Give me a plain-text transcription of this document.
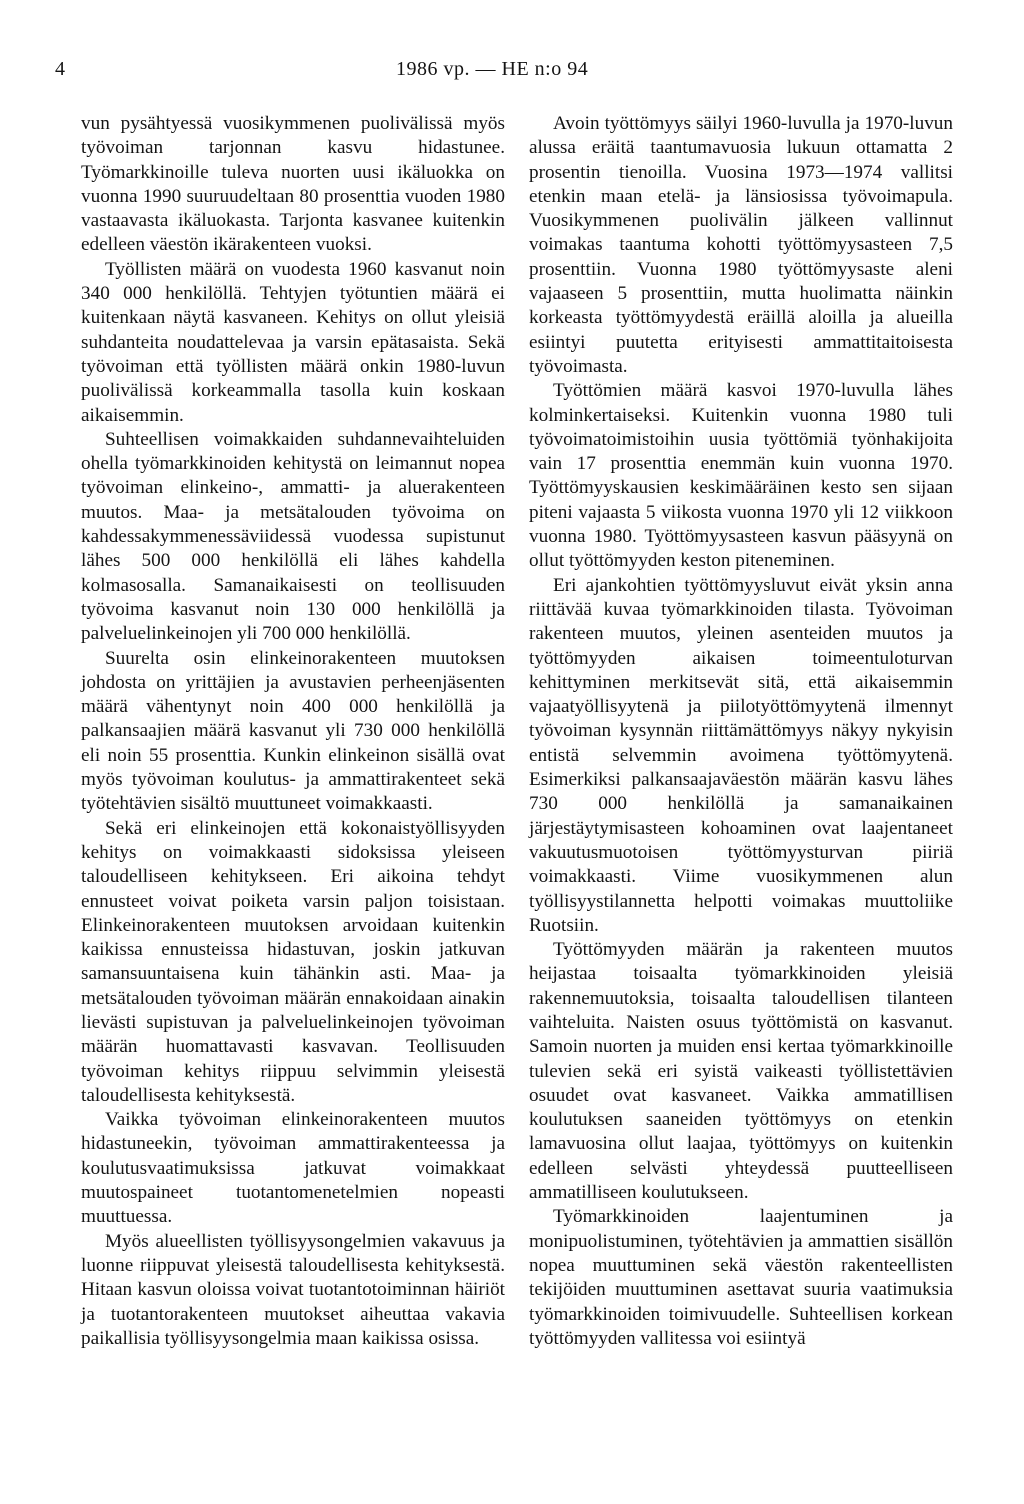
4	1986 vp. — HE n:o 94

vun pysähtyessä vuosikymmenen puolivälissä myös työvoiman tarjonnan kasvu hidastunee. Työmarkkinoille tuleva nuorten uusi ikäluokka on vuonna 1990 suuruudeltaan 80 prosenttia vuoden 1980 vastaavasta ikäluokasta. Tarjonta kasvanee kuitenkin edelleen väestön ikärakenteen vuoksi.

Työllisten määrä on vuodesta 1960 kasvanut noin 340 000 henkilöllä. Tehtyjen työtuntien määrä ei kuitenkaan näytä kasvaneen. Kehitys on ollut yleisiä suhdanteita noudattelevaa ja varsin epätasaista. Sekä työvoiman että työllisten määrä onkin 1980-luvun puolivälissä korkeammalla tasolla kuin koskaan aikaisemmin.

Suhteellisen voimakkaiden suhdannevaihteluiden ohella työmarkkinoiden kehitystä on leimannut nopea työvoiman elinkeino-, ammatti- ja aluerakenteen muutos. Maa- ja metsätalouden työvoima on kahdessakymmenessäviidessä vuodessa supistunut lähes 500 000 henkilöllä eli lähes kahdella kolmasosalla. Samanaikaisesti on teollisuuden työvoima kasvanut noin 130 000 henkilöllä ja palveluelinkeinojen yli 700 000 henkilöllä.

Suurelta osin elinkeinorakenteen muutoksen johdosta on yrittäjien ja avustavien perheenjäsenten määrä vähentynyt noin 400 000 henkilöllä ja palkansaajien määrä kasvanut yli 730 000 henkilöllä eli noin 55 prosenttia. Kunkin elinkeinon sisällä ovat myös työvoiman koulutus- ja ammattirakenteet sekä työtehtävien sisältö muuttuneet voimakkaasti.

Sekä eri elinkeinojen että kokonaistyöllisyyden kehitys on voimakkaasti sidoksissa yleiseen taloudelliseen kehitykseen. Eri aikoina tehdyt ennusteet voivat poiketa varsin paljon toisistaan. Elinkeinorakenteen muutoksen arvoidaan kuitenkin kaikissa ennusteissa hidastuvan, joskin jatkuvan samansuuntaisena kuin tähänkin asti. Maa- ja metsätalouden työvoiman määrän ennakoidaan ainakin lievästi supistuvan ja palveluelinkeinojen työvoiman määrän huomattavasti kasvavan. Teollisuuden työvoiman kehitys riippuu selvimmin yleisestä taloudellisesta kehityksestä.

Vaikka työvoiman elinkeinorakenteen muutos hidastuneekin, työvoiman ammattirakenteessa ja koulutusvaatimuksissa jatkuvat voimakkaat muutospaineet tuotantomenetelmien nopeasti muuttuessa.

Myös alueellisten työllisyysongelmien vakavuus ja luonne riippuvat yleisestä taloudellisesta kehityksestä. Hitaan kasvun oloissa voivat tuotantotoiminnan häiriöt ja tuotantorakenteen muutokset aiheuttaa vakavia paikallisia työllisyysongelmia maan kaikissa osissa.

Avoin työttömyys säilyi 1960-luvulla ja 1970-luvun alussa eräitä taantumavuosia lukuun ottamatta 2 prosentin tienoilla. Vuosina 1973—1974 vallitsi etenkin maan etelä- ja länsiosissa työvoimapula. Vuosikymmenen puolivälin jälkeen vallinnut voimakas taantuma kohotti työttömyysasteen 7,5 prosenttiin. Vuonna 1980 työttömyysaste aleni vajaaseen 5 prosenttiin, mutta huolimatta näinkin korkeasta työttömyydestä eräillä aloilla ja alueilla esiintyi puutetta erityisesti ammattitaitoisesta työvoimasta.

Työttömien määrä kasvoi 1970-luvulla lähes kolminkertaiseksi. Kuitenkin vuonna 1980 tuli työvoimatoimistoihin uusia työttömiä työnhakijoita vain 17 prosenttia enemmän kuin vuonna 1970. Työttömyyskausien keskimääräinen kesto sen sijaan piteni vajaasta 5 viikosta vuonna 1970 yli 12 viikkoon vuonna 1980. Työttömyysasteen kasvun pääsyynä on ollut työttömyyden keston piteneminen.

Eri ajankohtien työttömyysluvut eivät yksin anna riittävää kuvaa työmarkkinoiden tilasta. Työvoiman rakenteen muutos, yleinen asenteiden muutos ja työttömyyden aikaisen toimeentuloturvan kehittyminen merkitsevät sitä, että aikaisemmin vajaatyöllisyytenä ja piilotyöttömyytenä ilmennyt työvoiman kysynnän riittämättömyys näkyy nykyisin entistä selvemmin avoimena työttömyytenä. Esimerkiksi palkansaajaväestön määrän kasvu lähes 730 000 henkilöllä ja samanaikainen järjestäytymisasteen kohoaminen ovat laajentaneet vakuutusmuotoisen työttömyysturvan piiriä voimakkaasti. Viime vuosikymmenen alun työllisyystilannetta helpotti voimakas muuttoliike Ruotsiin.

Työttömyyden määrän ja rakenteen muutos heijastaa toisaalta työmarkkinoiden yleisiä rakennemuutoksia, toisaalta taloudellisen tilanteen vaihteluita. Naisten osuus työttömistä on kasvanut. Samoin nuorten ja muiden ensi kertaa työmarkkinoille tulevien sekä eri syistä vaikeasti työllistettävien osuudet ovat kasvaneet. Vaikka ammatillisen koulutuksen saaneiden työttömyys on etenkin lamavuosina ollut laajaa, työttömyys on kuitenkin edelleen selvästi yhteydessä puutteelliseen ammatilliseen koulutukseen.

Työmarkkinoiden laajentuminen ja monipuolistuminen, työtehtävien ja ammattien sisällön nopea muuttuminen sekä väestön rakenteellisten tekijöiden muuttuminen asettavat suuria vaatimuksia työmarkkinoiden toimivuudelle. Suhteellisen korkean työttömyyden vallitessa voi esiintyä
